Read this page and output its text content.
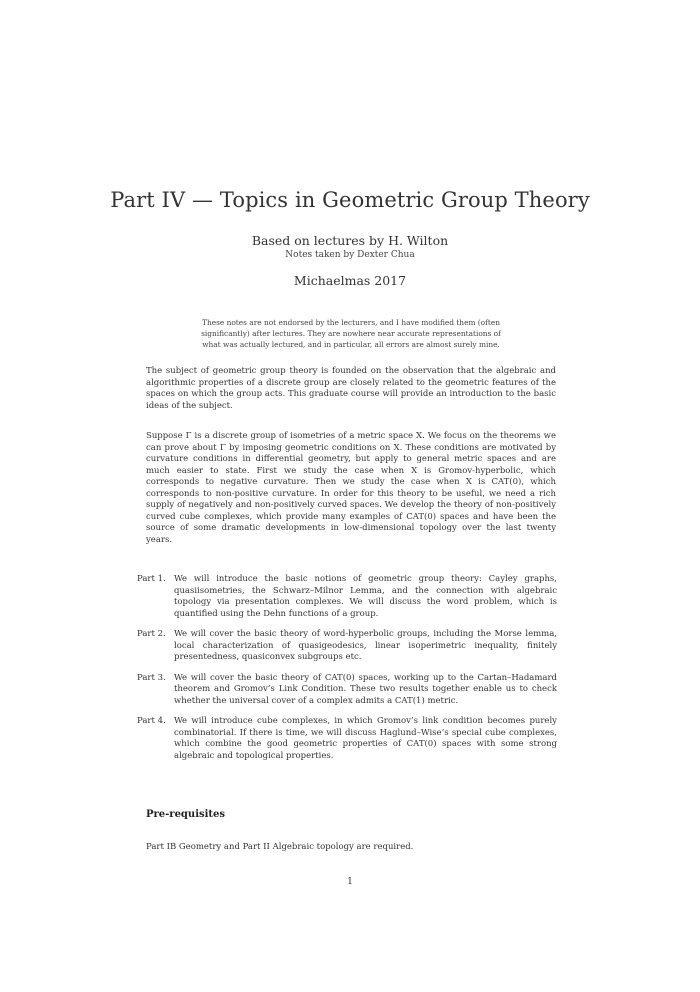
Part IV — Topics in Geometric Group Theory
Based on lectures by H. Wilton
Notes taken by Dexter Chua
Michaelmas 2017
These notes are not endorsed by the lecturers, and I have modified them (often significantly) after lectures. They are nowhere near accurate representations of what was actually lectured, and in particular, all errors are almost surely mine.
The subject of geometric group theory is founded on the observation that the algebraic and algorithmic properties of a discrete group are closely related to the geometric features of the spaces on which the group acts. This graduate course will provide an introduction to the basic ideas of the subject.
Suppose Γ is a discrete group of isometries of a metric space X. We focus on the theorems we can prove about Γ by imposing geometric conditions on X. These conditions are motivated by curvature conditions in differential geometry, but apply to general metric spaces and are much easier to state. First we study the case when X is Gromov-hyperbolic, which corresponds to negative curvature. Then we study the case when X is CAT(0), which corresponds to non-positive curvature. In order for this theory to be useful, we need a rich supply of negatively and non-positively curved spaces. We develop the theory of non-positively curved cube complexes, which provide many examples of CAT(0) spaces and have been the source of some dramatic developments in low-dimensional topology over the last twenty years.
Part 1. We will introduce the basic notions of geometric group theory: Cayley graphs, quasiisometries, the Schwarz–Milnor Lemma, and the connection with algebraic topology via presentation complexes. We will discuss the word problem, which is quantified using the Dehn functions of a group.
Part 2. We will cover the basic theory of word-hyperbolic groups, including the Morse lemma, local characterization of quasigeodesics, linear isoperimetric inequality, finitely presentedness, quasiconvex subgroups etc.
Part 3. We will cover the basic theory of CAT(0) spaces, working up to the Cartan–Hadamard theorem and Gromov’s Link Condition. These two results together enable us to check whether the universal cover of a complex admits a CAT(1) metric.
Part 4. We will introduce cube complexes, in which Gromov’s link condition becomes purely combinatorial. If there is time, we will discuss Haglund–Wise’s special cube complexes, which combine the good geometric properties of CAT(0) spaces with some strong algebraic and topological properties.
Pre-requisites
Part IB Geometry and Part II Algebraic topology are required.
1
